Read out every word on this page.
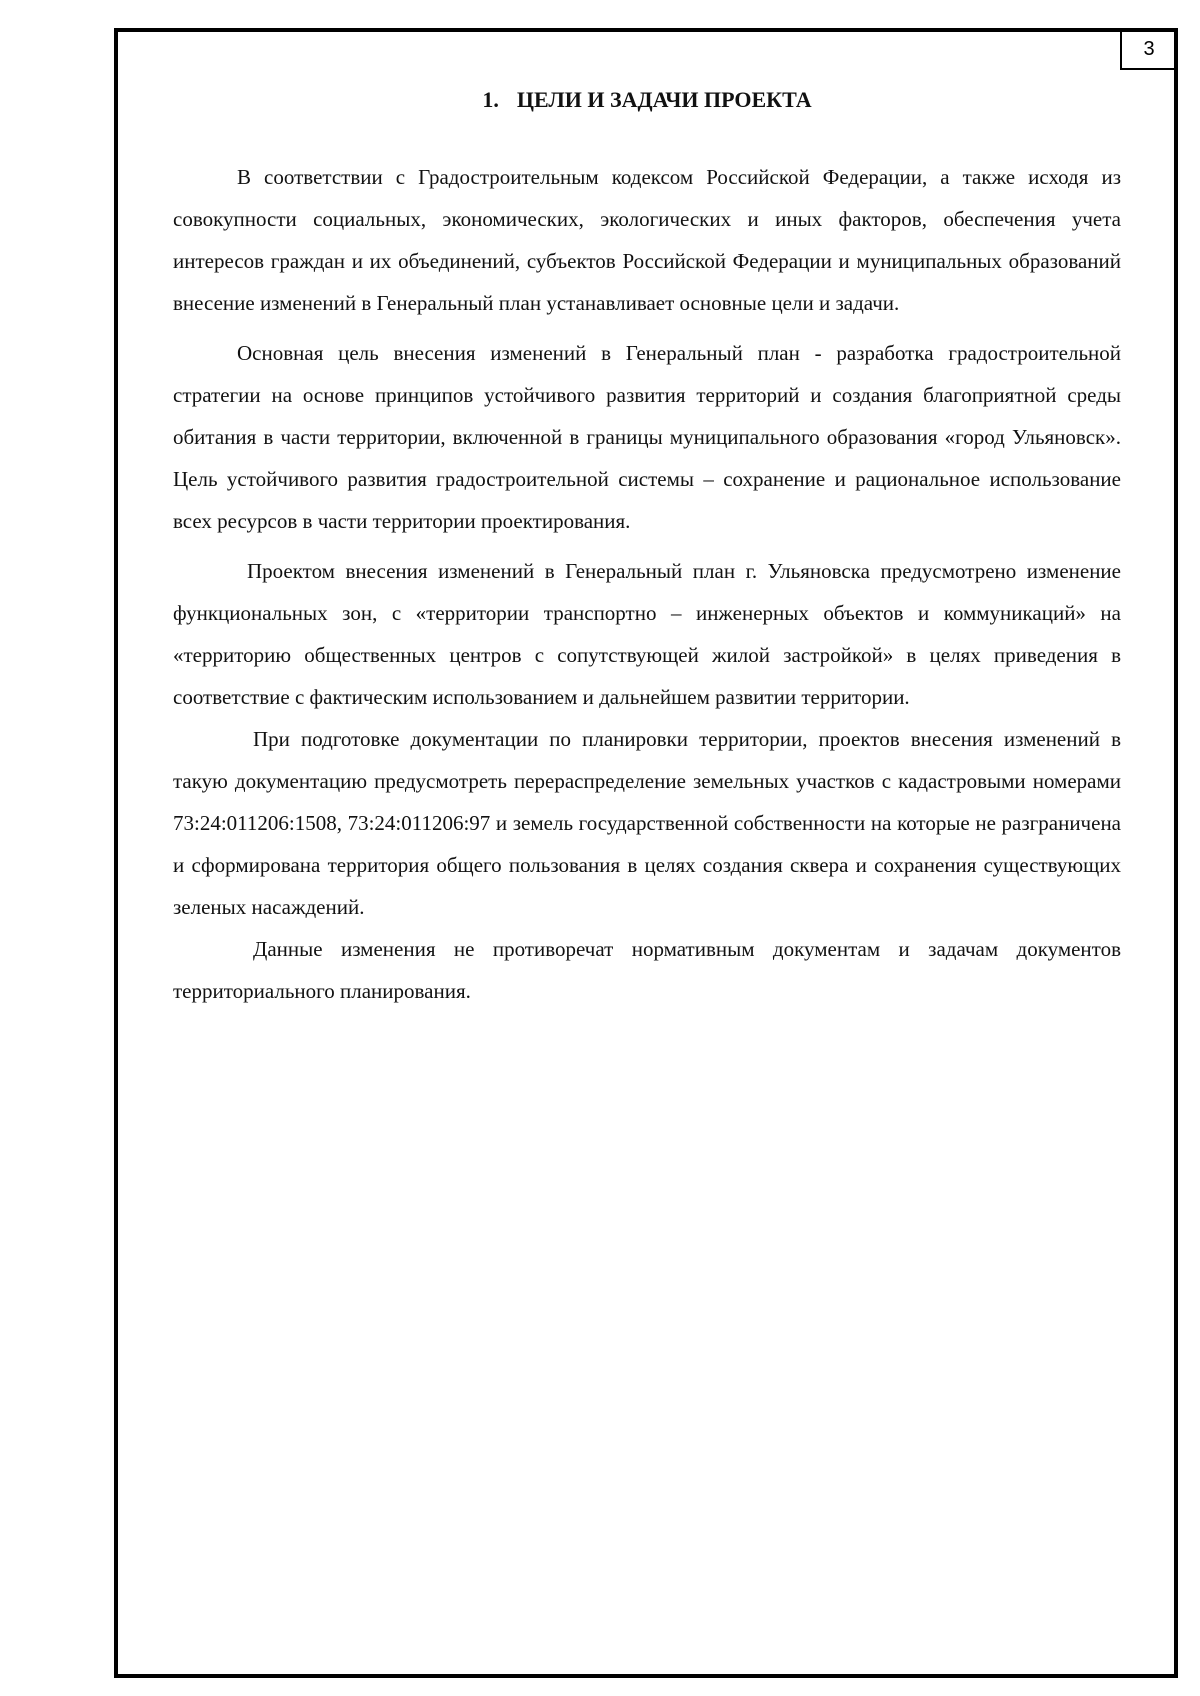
3
1. ЦЕЛИ И ЗАДАЧИ ПРОЕКТА

В соответствии с Градостроительным кодексом Российской Федерации, а также исходя из совокупности социальных, экономических, экологических и иных факторов, обеспечения учета интересов граждан и их объединений, субъектов Российской Федерации и муниципальных образований внесение изменений в Генеральный план устанавливает основные цели и задачи.

Основная цель внесения изменений в Генеральный план - разработка градостроительной стратегии на основе принципов устойчивого развития территорий и создания благоприятной среды обитания в части территории, включенной в границы муниципального образования «город Ульяновск». Цель устойчивого развития градостроительной системы – сохранение и рациональное использование всех ресурсов в части территории проектирования.

Проектом внесения изменений в Генеральный план г. Ульяновска предусмотрено изменение функциональных зон, с «территории транспортно – инженерных объектов и коммуникаций» на «территорию общественных центров с сопутствующей жилой застройкой» в целях приведения в соответствие с фактическим использованием и дальнейшем развитии территории.

При подготовке документации по планировки территории, проектов внесения изменений в такую документацию предусмотреть перераспределение земельных участков с кадастровыми номерами 73:24:011206:1508, 73:24:011206:97 и земель государственной собственности на которые не разграничена и сформирована территория общего пользования в целях создания сквера и сохранения существующих зеленых насаждений.

Данные изменения не противоречат нормативным документам и задачам документов территориального планирования.
